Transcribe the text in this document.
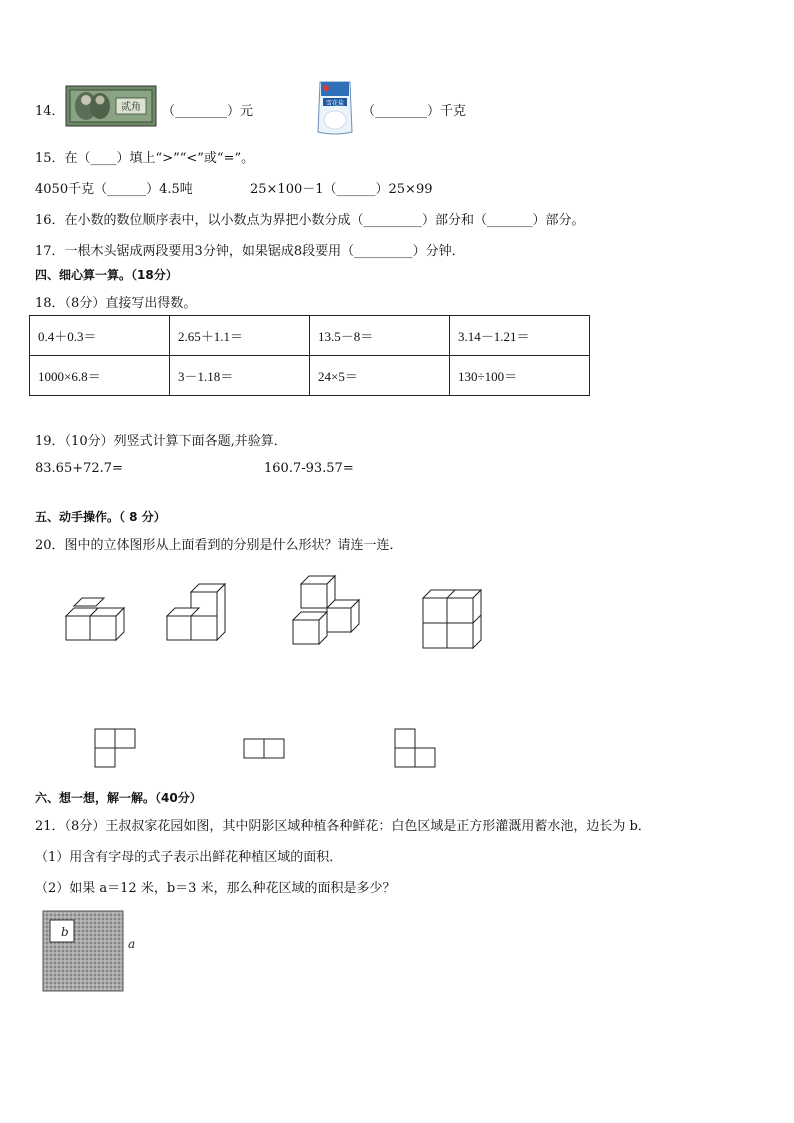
14．	贰角 （________）元
雪花盐
（________）千克
15．在（____）填上“>”“<”或“=”。
4050千克（______）4.5吨	25×100－1（______）25×99
16．在小数的数位顺序表中，以小数点为界把小数分成（_________）部分和（_______）部分。
17．一根木头锯成两段要用3分钟，如果锯成8段要用（_________）分钟．
四、细心算一算。（18分）
18．（8分）直接写出得数。
0.4＋0.3＝	2.65＋1.1＝	13.5－8＝	3.14－1.21＝
1000×6.8＝	3－1.18＝	24×5＝	130÷100＝
19．（10分）列竖式计算下面各题,并验算．
83.65+72.7=	160.7-93.57=
五、动手操作。（ 8 分）
20．图中的立体图形从上面看到的分别是什么形状？请连一连．
六、想一想，解一解。（40分）
21．（8分）王叔叔家花园如图，其中阴影区域种植各种鲜花：白色区域是正方形灌溉用蓄水池，边长为 b．
（1）用含有字母的式子表示出鲜花种植区域的面积．
（2）如果 a＝12 米，b＝3 米，那么种花区域的面积是多少？
b
a
